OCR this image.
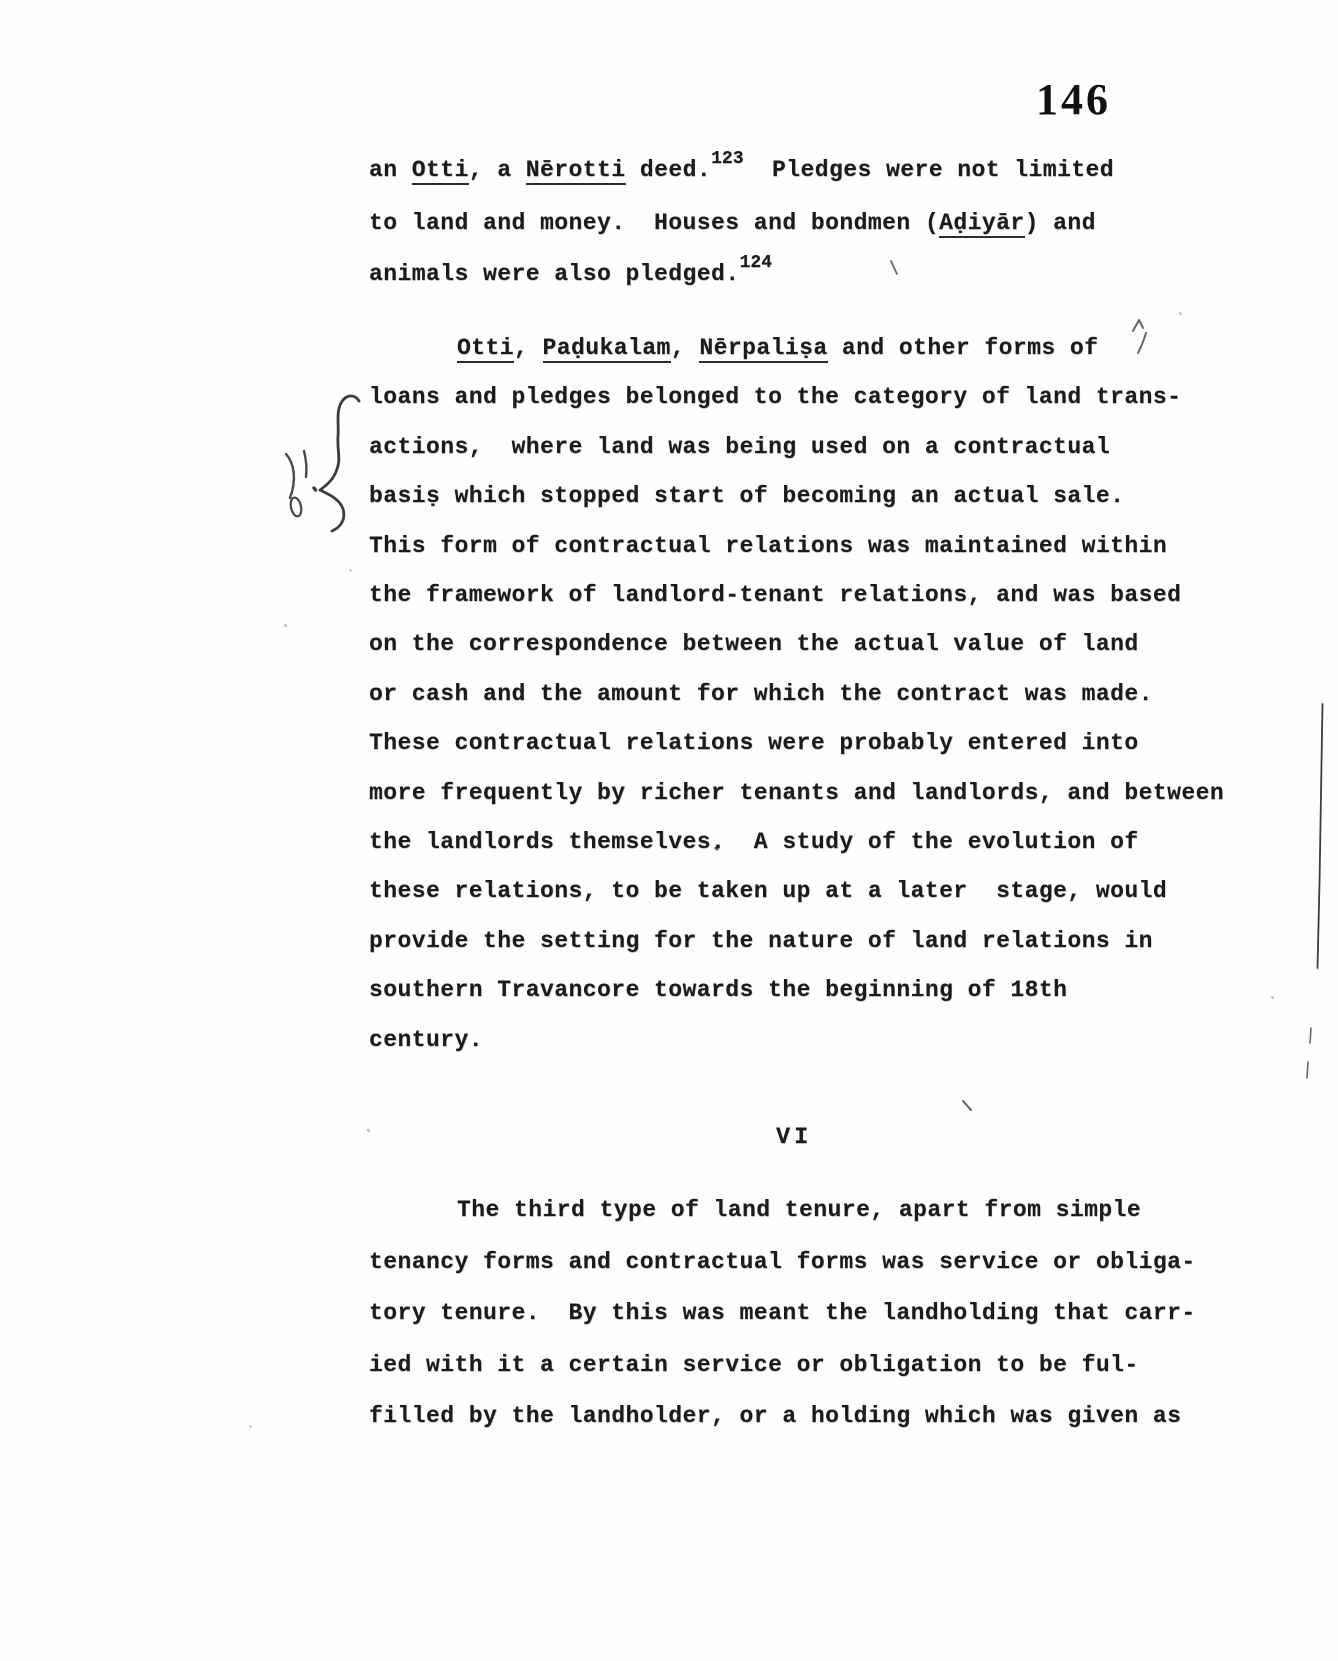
146
an Otti, a Nērotti deed.$^{123}$  Pledges were not limited
to land and money.  Houses and bondmen (Aḍiyār) and
animals were also pledged.$^{124}$
Otti, Paḍukalam, Nērpaliṣa and other forms of
loans and pledges belonged to the category of land trans-
actions,  where land was being used on a contractual
basiṣ which stopped start of becoming an actual sale.
This form of contractual relations was maintained within
the framework of landlord-tenant relations, and was based
on the correspondence between the actual value of land
or cash and the amount for which the contract was made.
These contractual relations were probably entered into
more frequently by richer tenants and landlords, and between
the landlords themselves.  A study of the evolution of
these relations, to be taken up at a later  stage, would
provide the setting for the nature of land relations in
southern Travancore towards the beginning of 18th
century.
VI
The third type of land tenure, apart from simple
tenancy forms and contractual forms was service or obliga-
tory tenure.  By this was meant the landholding that carr-
ied with it a certain service or obligation to be ful-
filled by the landholder, or a holding which was given as
